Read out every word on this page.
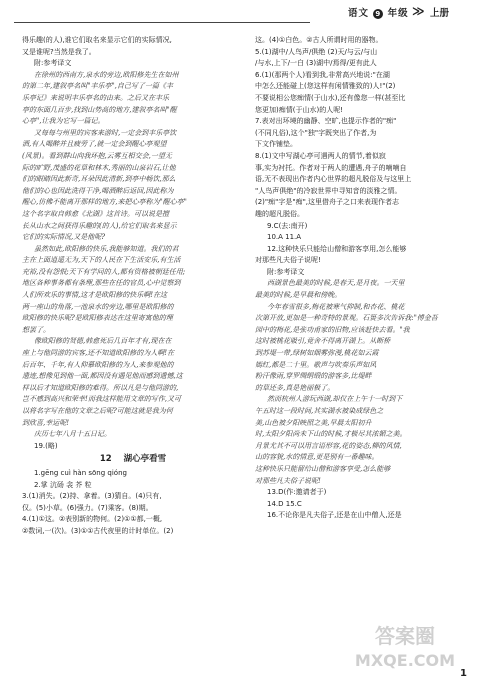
语文 9 年级 ≫ 上册
得乐趣(的人),谁它们取名来显示它们的实际情况,
又是谁呢?当然是我了。
附:参考译文
在徐州的西南方,泉水的旁边,欧阳修先生在如州
的第二年,建叙亭名叫"丰乐亭",自己写了一篇《丰
乐亭记》来说明丰乐亭名的由来。之后又在丰乐
亭的东面几百步,找到山势高的地方,建叙亭名叫"醒
心亭",让我为它写一篇记。
又每每与州里的宾客来游时,一定会到丰乐亭饮
酒,有人喝醉并且疲劳了,就一定会到醒心亭观望
(风景)。看到群山向我环抱,云雾互相交会,一望无
际的旷野,茂盛的花草和林木,秀丽的山泉岩石,让他
们的眼睛因此新奇,耳朵因此清新,到亭中畅饮,那么
他们的心也因此洗得干净,喝酒醉后返回,因此称为
醒心,仿佛不能离开那样的地方,来把心亭称为"醒心亭"
这个名字取自韩愈《北湖》这首诗。可以说是擅
长从山水之间获得乐趣的(的人),给它们取名来显示
它们的实际情况,又是他呢?
虽然如此,欧阳修的快乐,我能够知道。我们的君
主在上面逍遥无为,天下的人民在下生活安乐,有生活
充裕,没有怨恨;天下有学问的人,都有资格被朝廷任用;
地区各种事务都有条理,那些在任的官员,心中觉察到
人们所欢乐的事情,这才是欧阳修的快乐啊!在这
两一座山的角落,一池泉水的旁边,哪里是欧阳修的
欧阳修的快乐呢?是欧阳修表达在这里寄寓他的理
想罢了。
像欧阳修的贤德,韩愈死后几百年才有,现在在
座上与他同游的宾客,还不知道欧阳修的为人啊!在
后百年、千年,有人仰慕欧阳修的为人,来参观他的
遗迹,想像见到他一面,都因没有遇见他而感到遗憾,这
样以后才知道欧阳修的难得。所以凡是与他同游的,
岂不感到高兴和荣幸!而我这样能用文章的写作,又可
以将名字写在他的文章之后呢?可能这就是我为何
到欣喜,幸运呢!
庆历七年八月十五日记。
19.(略)
12 湖心亭看雪
1.gēng cuì hàn sōng qióng
2.掌 沆砀 衾 芥 粒
3.(1)消失。(2)持、拿着。(3)猜自。(4)只有,
仅。(5)小草。(6)强力。(7)乘客。(8)期。
4.(1)①这。②表别新的物何。(2)①①都,一概,
②数词,一(次)。(3)①①古代夜里的计时单位。(2)
这。(4)①白色。②古人所谓时用的器物。
5.(1)湖中/人鸟声/俱绝 (2)天/与云/与山
/与水,上下/一白 (3)湖中/焉得/更有此人
6.(1)(那两个人)看到我,非常高兴地说:"在湖
中怎么还能碰上(您这样有闲情雅致的)人!"(2)
不要说相公您痴情(于山水),还有像您一样(甚至比
您更加)痴情(于山水)的人呢!
7.表对出环境的幽静、空旷,也提示作者的"痴"
(不同凡俗),这个"独"字既突出了作者,为
下文作铺垫。
8.(1)文中写湖心亭可遇两人的情节,着似寂
事,实为衬托。作者对于两人的遭遇,舟子的喃喃自
语,无不表现出作者内心世界的超凡脱俗及与这里上
"人鸟声俱绝"的冷寂世界中寻知音的淡雅之情。
(2)"痴"字是"痴",这里借舟子之口来表现作者志
趣的超凡脱俗。
9.C(去:南开)
10.A 11.A
12.这种快乐只能给山僧和游客享用,怎么能够
对那些凡夫俗子说呢!
附:参考译文
西湖景色最美的时候,是春天,是月夜。一天里
最美的时候,是早晨和傍晚。
今年春雪很多,梅花被寒气抑制,和杏花、桃花
次第开放,更加是一种奇特的景观。石篑多次告诉我:"傅金吾
园中的梅花,是张功甫家的旧物,应该赶快去看。"我
这时被桃花吸引,竟舍不得离开湖上。从断桥
到苏堤一带,绿树如烟雾弥漫,桃花如云霞
嫣红,都是二十里。歌声与吹奏乐声如风
粉汗像雨,穿罗绸绢缎的游客多,比堤畔
的草还多,真是艳丽极了。
然而杭州人游玩西湖,却仅在上午十一时到下
午五时这一段时间,其实湖水被染成绿色之
美,山色被夕阳映照之美,早晨太阳初升
时,太阳夕阳尚未下山的时候,才极尽其浓媚之美。
月景尤其不可以用言语形容,花的姿态,柳的风情,
山的容貌,水的情意,更是别有一番趣味。
这种快乐只能留给山僧和游客享受,怎么能够
对那些凡夫俗子说呢!
13.D(作:邀请者于)
14.D 15.C
16.不论你是凡夫俗子,还是在山中僧人,还是
答案圈
MXQE.COM
1
